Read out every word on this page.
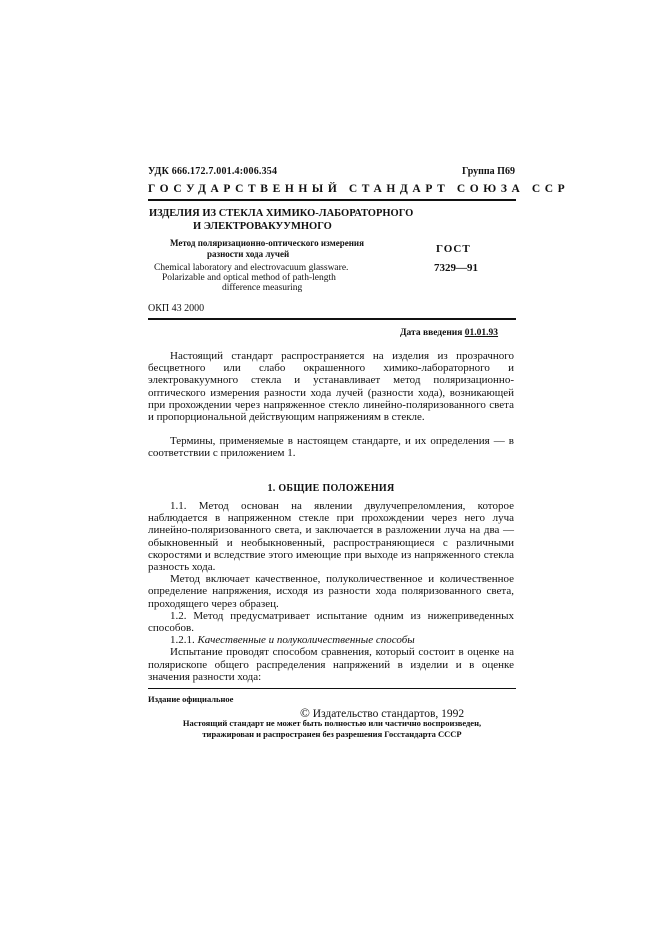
УДК 666.172.7.001.4:006.354	Группа П69
ГОСУДАРСТВЕННЫЙ СТАНДАРТ СОЮЗА ССР
ИЗДЕЛИЯ ИЗ СТЕКЛА ХИМИКО-ЛАБОРАТОРНОГО
И ЭЛЕКТРОВАКУУМНОГО
Метод поляризационно-оптического измерения
разности хода лучей
Chemical laboratory and electrovacuum glassware.
Polarizable and optical method of path-length
difference measuring
ГОСТ
7329—91
ОКП 43 2000
Дата введения 01.01.93

Настоящий стандарт распространяется на изделия из прозрачного бесцветного или слабо окрашенного химико-лабораторного и электровакуумного стекла и устанавливает метод поляризационно-оптического измерения разности хода лучей (разности хода), возникающей при прохождении через напряженное стекло линейно-поляризованного света и пропорциональной действующим напряжениям в стекле.

Термины, применяемые в настоящем стандарте, и их определения — в соответствии с приложением 1.

1. ОБЩИЕ ПОЛОЖЕНИЯ

1.1. Метод основан на явлении двулучепреломления, которое наблюдается в напряженном стекле при прохождении через него луча линейно-поляризованного света, и заключается в разложении луча на два — обыкновенный и необыкновенный, распространяющиеся с различными скоростями и вследствие этого имеющие при выходе из напряженного стекла разность хода.

Метод включает качественное, полуколичественное и количественное определение напряжения, исходя из разности хода поляризованного света, проходящего через образец.

1.2. Метод предусматривает испытание одним из нижеприведенных способов.

1.2.1. Качественные и полуколичественные способы

Испытание проводят способом сравнения, который состоит в оценке на полярископе общего распределения напряжений в изделии и в оценке значения разности хода:

Издание официальное
© Издательство стандартов, 1992
Настоящий стандарт не может быть полностью или частично воспроизведен,
тиражирован и распространен без разрешения Госстандарта СССР
